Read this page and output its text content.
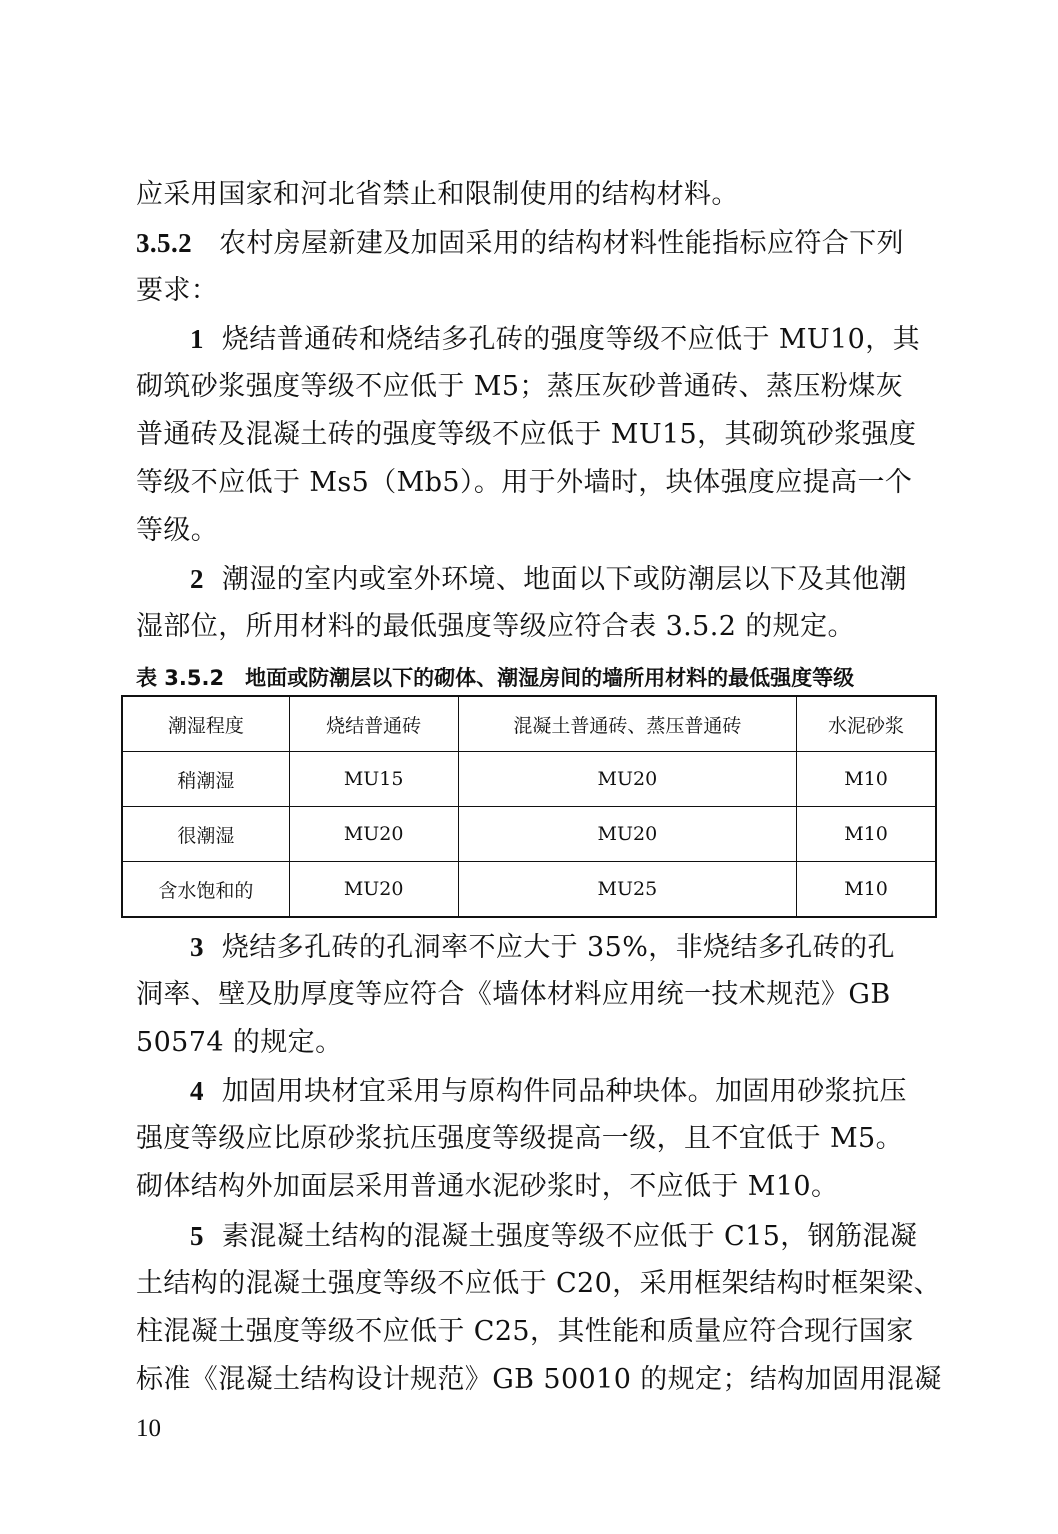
应采用国家和河北省禁止和限制使用的结构材料。
3.5.2 农村房屋新建及加固采用的结构材料性能指标应符合下列
要求：
1 烧结普通砖和烧结多孔砖的强度等级不应低于 MU10，其
砌筑砂浆强度等级不应低于 M5；蒸压灰砂普通砖、蒸压粉煤灰
普通砖及混凝土砖的强度等级不应低于 MU15，其砌筑砂浆强度
等级不应低于 Ms5（Mb5）。用于外墙时，块体强度应提高一个
等级。
2 潮湿的室内或室外环境、地面以下或防潮层以下及其他潮
湿部位，所用材料的最低强度等级应符合表 3.5.2 的规定。
表 3.5.2　地面或防潮层以下的砌体、潮湿房间的墙所用材料的最低强度等级
潮湿程度	烧结普通砖	混凝土普通砖、蒸压普通砖	水泥砂浆
稍潮湿	MU15	MU20	M10
很潮湿	MU20	MU20	M10
含水饱和的	MU20	MU25	M10
3 烧结多孔砖的孔洞率不应大于 35%，非烧结多孔砖的孔
洞率、壁及肋厚度等应符合《墙体材料应用统一技术规范》GB
50574 的规定。
4 加固用块材宜采用与原构件同品种块体。加固用砂浆抗压
强度等级应比原砂浆抗压强度等级提高一级，且不宜低于 M5。
砌体结构外加面层采用普通水泥砂浆时，不应低于 M10。
5 素混凝土结构的混凝土强度等级不应低于 C15，钢筋混凝
土结构的混凝土强度等级不应低于 C20，采用框架结构时框架梁、
柱混凝土强度等级不应低于 C25，其性能和质量应符合现行国家
标准《混凝土结构设计规范》GB 50010 的规定；结构加固用混凝
10
